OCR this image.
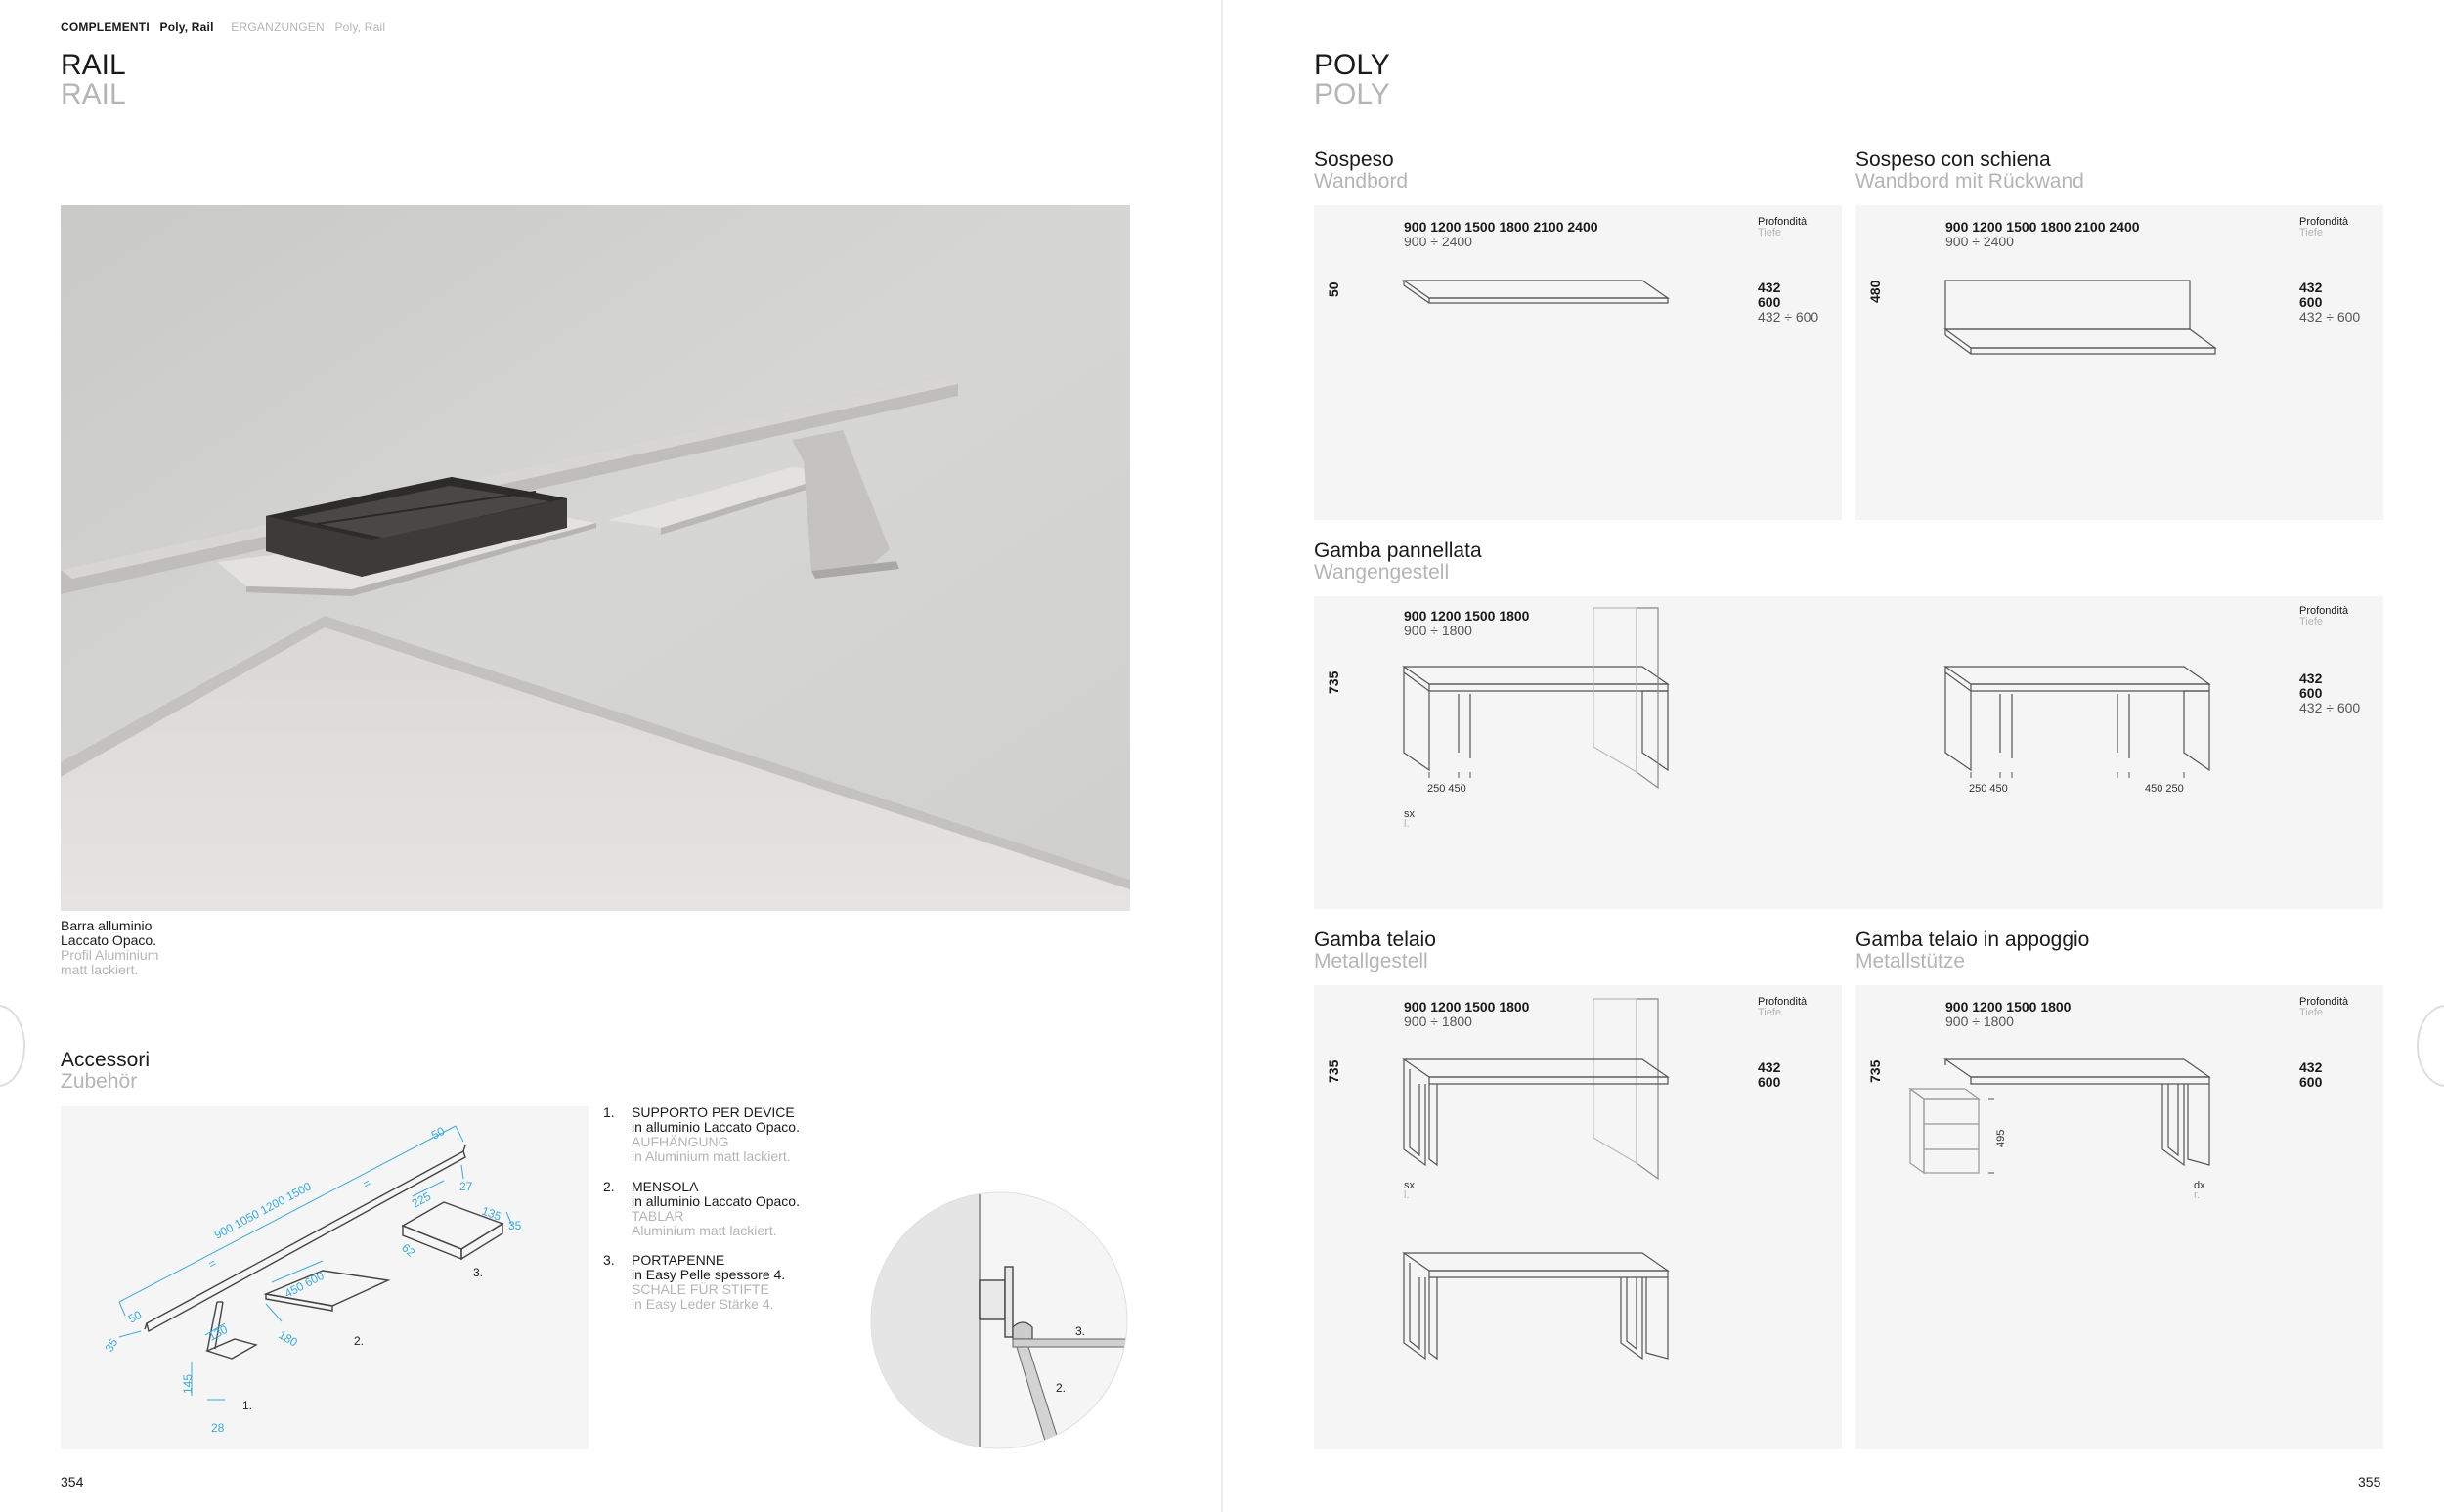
COMPLEMENTI Poly, Rail ERGÄNZUNGEN Poly, Rail
RAIL
RAIL
Barra alluminio
Laccato Opaco.
Profil Aluminium
matt lackiert.
Accessori
Zubehör
900 1050 1200 1500
50
27
35
35
50
225
135
62
450 600
180
130
145
28
=
=
1.
2.
3.
1. SUPPORTO PER DEVICE
in alluminio Laccato Opaco.
AUFHÄNGUNG
in Aluminium matt lackiert.
2. MENSOLA
in alluminio Laccato Opaco.
TABLAR
Aluminium matt lackiert.
3. PORTAPENNE
in Easy Pelle spessore 4.
SCHALE FÜR STIFTE
in Easy Leder Stärke 4.
3.
2.
354
POLY
POLY
Sospeso
Wandbord
900 1200 1500 1800 2100 2400
900 ÷ 2400
50
Profondità
Tiefe
432
600
432 ÷ 600
Sospeso con schiena
Wandbord mit Rückwand
900 1200 1500 1800 2100 2400
900 ÷ 2400
480
Profondità
Tiefe
432
600
432 ÷ 600
Gamba pannellata
Wangengestell
900 1200 1500 1800
900 ÷ 1800
735
Profondità
Tiefe
432
600
432 ÷ 600
250 450	250 450	450 250
sx
l.
Gamba telaio
Metallgestell
900 1200 1500 1800
900 ÷ 1800
735
Profondità
Tiefe
432
600
sx
l.
Gamba telaio in appoggio
Metallstütze
900 1200 1500 1800
900 ÷ 1800
735
Profondità
Tiefe
432
600
495
dx
r.
355
